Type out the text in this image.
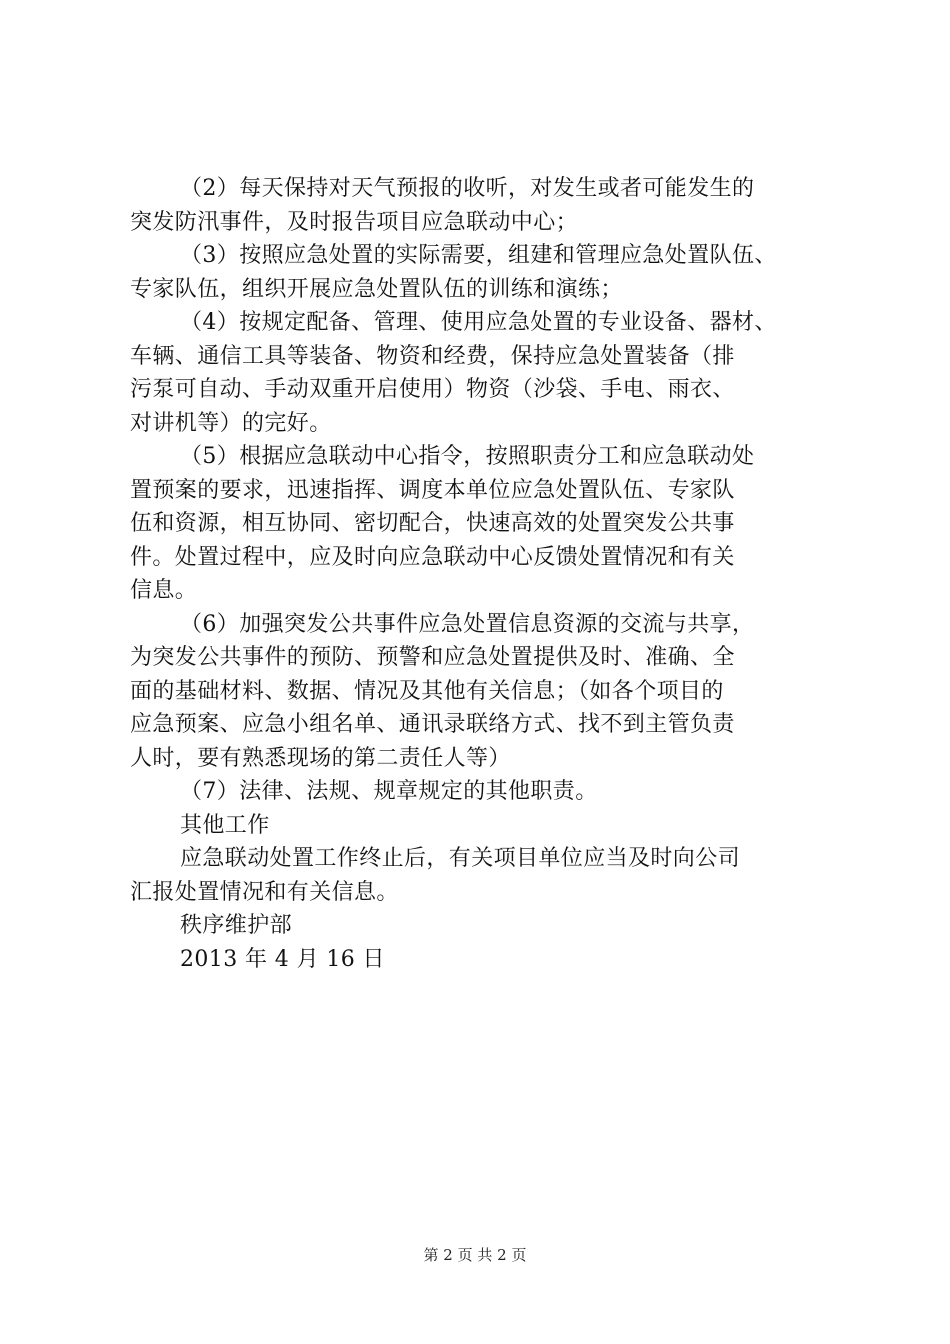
（2）每天保持对天气预报的收听，对发生或者可能发生的
突发防汛事件，及时报告项目应急联动中心；
（3）按照应急处置的实际需要，组建和管理应急处置队伍、
专家队伍，组织开展应急处置队伍的训练和演练；
（4）按规定配备、管理、使用应急处置的专业设备、器材、
车辆、通信工具等装备、物资和经费，保持应急处置装备（排
污泵可自动、手动双重开启使用）物资（沙袋、手电、雨衣、
对讲机等）的完好。
（5）根据应急联动中心指令，按照职责分工和应急联动处
置预案的要求，迅速指挥、调度本单位应急处置队伍、专家队
伍和资源，相互协同、密切配合，快速高效的处置突发公共事
件。处置过程中，应及时向应急联动中心反馈处置情况和有关
信息。
（6）加强突发公共事件应急处置信息资源的交流与共享，
为突发公共事件的预防、预警和应急处置提供及时、准确、全
面的基础材料、数据、情况及其他有关信息；（如各个项目的
应急预案、应急小组名单、通讯录联络方式、找不到主管负责
人时，要有熟悉现场的第二责任人等）
（7）法律、法规、规章规定的其他职责。
其他工作
应急联动处置工作终止后，有关项目单位应当及时向公司
汇报处置情况和有关信息。
秩序维护部
2013 年 4 月 16 日
第 2 页 共 2 页
